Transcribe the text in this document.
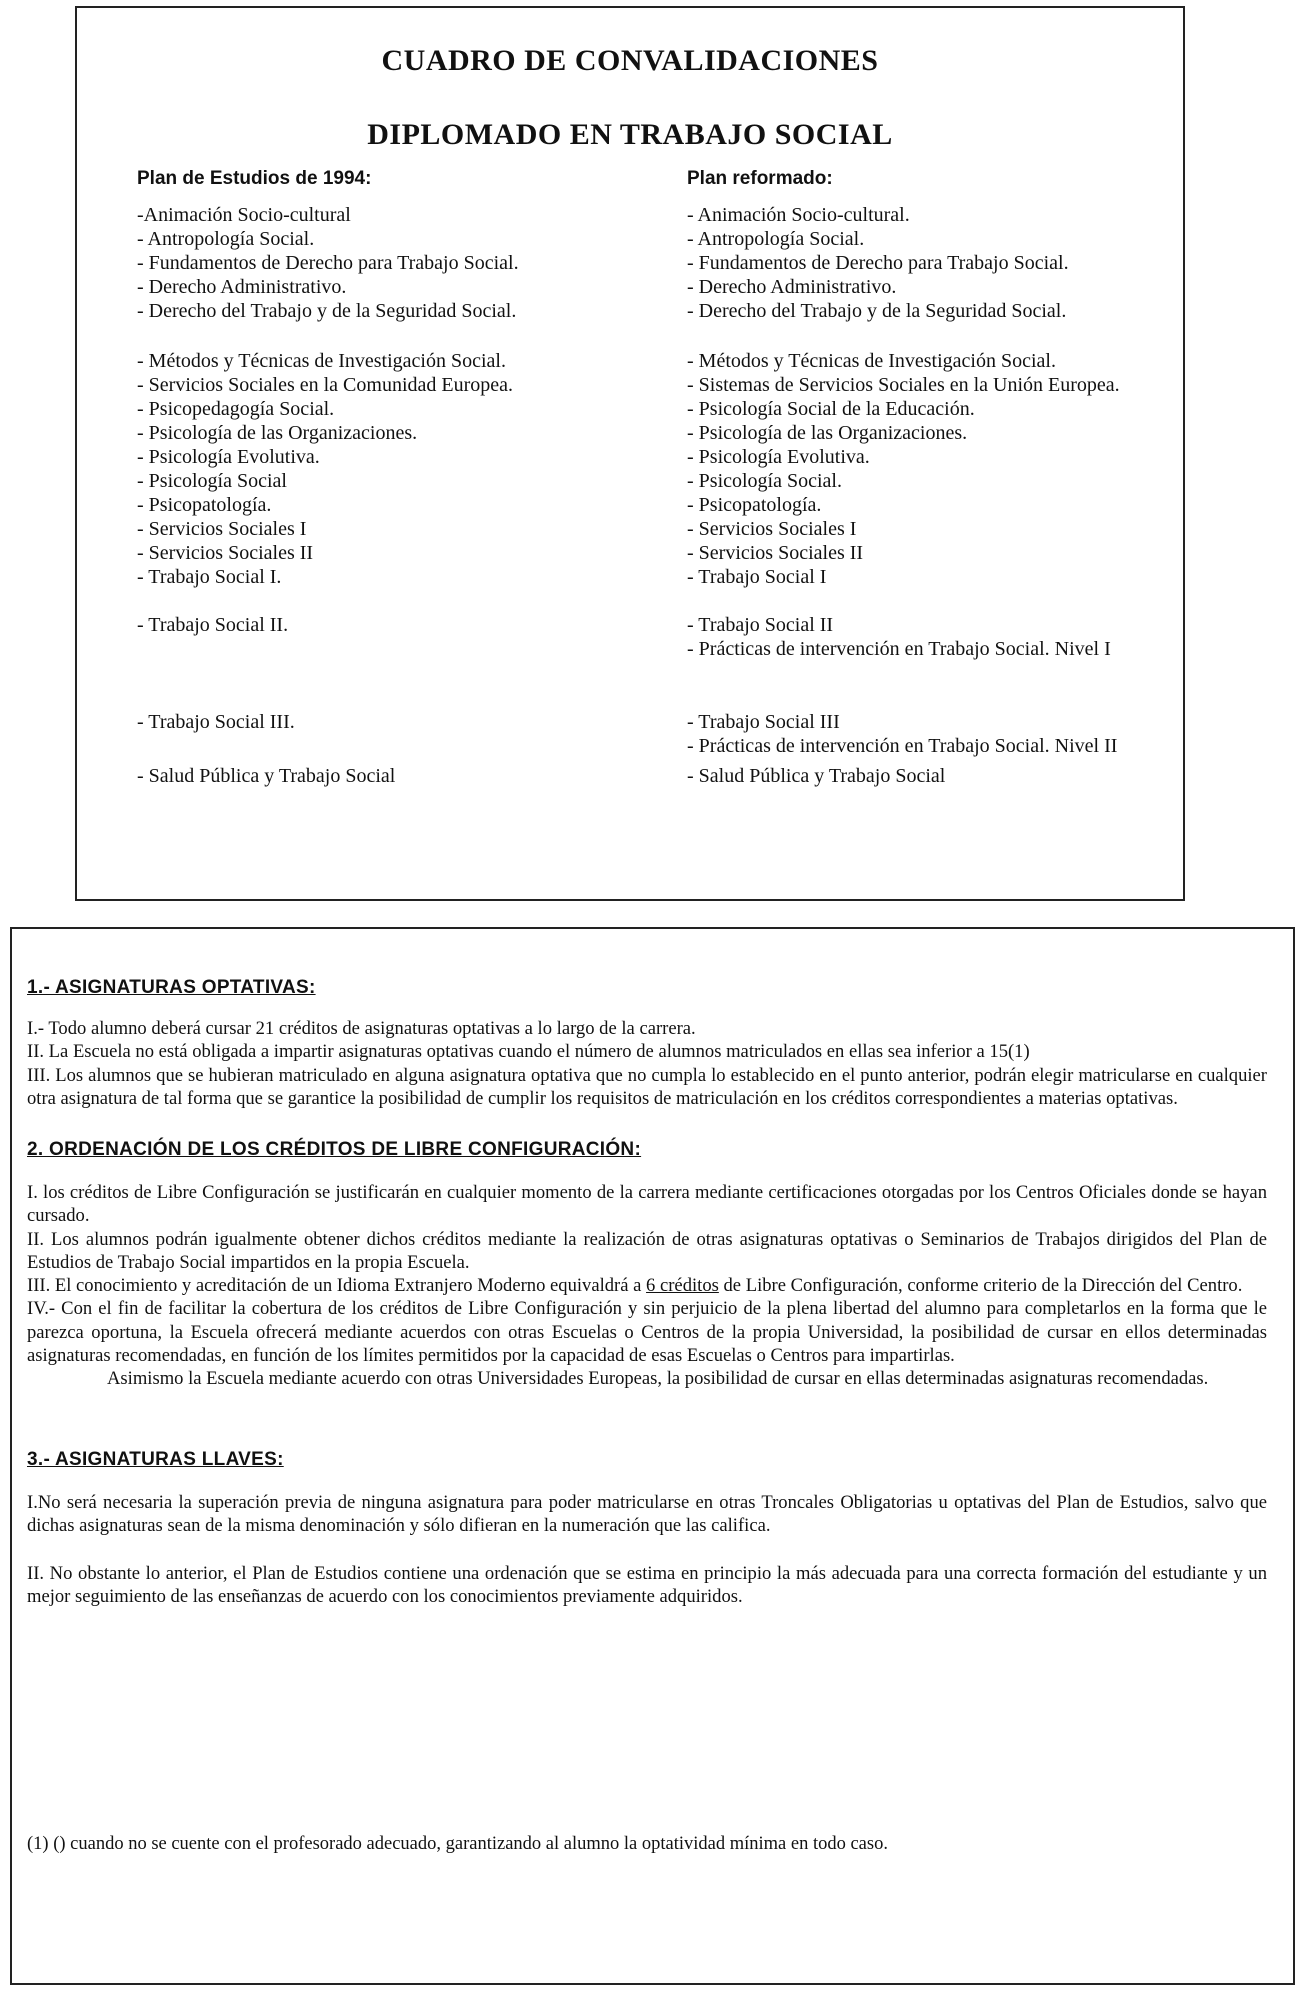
CUADRO DE CONVALIDACIONES
DIPLOMADO EN TRABAJO SOCIAL
Plan de Estudios de 1994:	Plan reformado:
-Animación Socio-cultural
- Antropología Social.
- Fundamentos de Derecho para Trabajo Social.
- Derecho Administrativo.
- Derecho del Trabajo y de la Seguridad Social.
- Métodos y Técnicas de Investigación Social.
- Servicios Sociales en la Comunidad Europea.
- Psicopedagogía Social.
- Psicología de las Organizaciones.
- Psicología Evolutiva.
- Psicología Social
- Psicopatología.
- Servicios Sociales I
- Servicios Sociales II
- Trabajo Social I.
- Trabajo Social II.
- Trabajo Social III.
- Salud Pública y Trabajo Social
- Animación Socio-cultural.
- Antropología Social.
- Fundamentos de Derecho para Trabajo Social.
- Derecho Administrativo.
- Derecho del Trabajo y de la Seguridad Social.
- Métodos y Técnicas de Investigación Social.
- Sistemas de Servicios Sociales en la Unión Europea.
- Psicología Social de la Educación.
- Psicología de las Organizaciones.
- Psicología Evolutiva.
- Psicología Social.
- Psicopatología.
- Servicios Sociales I
- Servicios Sociales II
- Trabajo Social I
- Trabajo Social II
- Prácticas de intervención en Trabajo Social. Nivel I
- Trabajo Social III
- Prácticas de intervención en Trabajo Social. Nivel II
- Salud Pública y Trabajo Social
1.- ASIGNATURAS OPTATIVAS:

I.- Todo alumno deberá cursar 21 créditos de asignaturas optativas a lo largo de la carrera.

II. La Escuela no está obligada a impartir asignaturas optativas cuando el número de alumnos matriculados en ellas sea inferior a 15(1)

III. Los alumnos que se hubieran matriculado en alguna asignatura optativa que no cumpla lo establecido en el punto anterior, podrán elegir matricularse en cualquier otra asignatura de tal forma que se garantice la posibilidad de cumplir los requisitos de matriculación en los créditos correspondientes a materias optativas.

2. ORDENACIÓN DE LOS CRÉDITOS DE LIBRE CONFIGURACIÓN:

I. los créditos de Libre Configuración se justificarán en cualquier momento de la carrera mediante certificaciones otorgadas por los Centros Oficiales donde se hayan cursado.

II. Los alumnos podrán igualmente obtener dichos créditos mediante la realización de otras asignaturas optativas o Seminarios de Trabajos dirigidos del Plan de Estudios de Trabajo Social impartidos en la propia Escuela.

III. El conocimiento y acreditación de un Idioma Extranjero Moderno equivaldrá a 6 créditos de Libre Configuración, conforme criterio de la Dirección del Centro.

IV.- Con el fin de facilitar la cobertura de los créditos de Libre Configuración y sin perjuicio de la plena libertad del alumno para completarlos en la forma que le parezca oportuna, la Escuela ofrecerá mediante acuerdos con otras Escuelas o Centros de la propia Universidad, la posibilidad de cursar en ellos determinadas asignaturas recomendadas, en función de los límites permitidos por la capacidad de esas Escuelas o Centros para impartirlas.

Asimismo la Escuela mediante acuerdo con otras Universidades Europeas, la posibilidad de cursar en ellas determinadas asignaturas recomendadas.

3.- ASIGNATURAS LLAVES:

I.No será necesaria la superación previa de ninguna asignatura para poder matricularse en otras Troncales Obligatorias u optativas del Plan de Estudios, salvo que dichas asignaturas sean de la misma denominación y sólo difieran en la numeración que las califica.

II. No obstante lo anterior, el Plan de Estudios contiene una ordenación que se estima en principio la más adecuada para una correcta formación del estudiante y un mejor seguimiento de las enseñanzas de acuerdo con los conocimientos previamente adquiridos.

(1) () cuando no se cuente con el profesorado adecuado, garantizando al alumno la optatividad mínima en todo caso.
